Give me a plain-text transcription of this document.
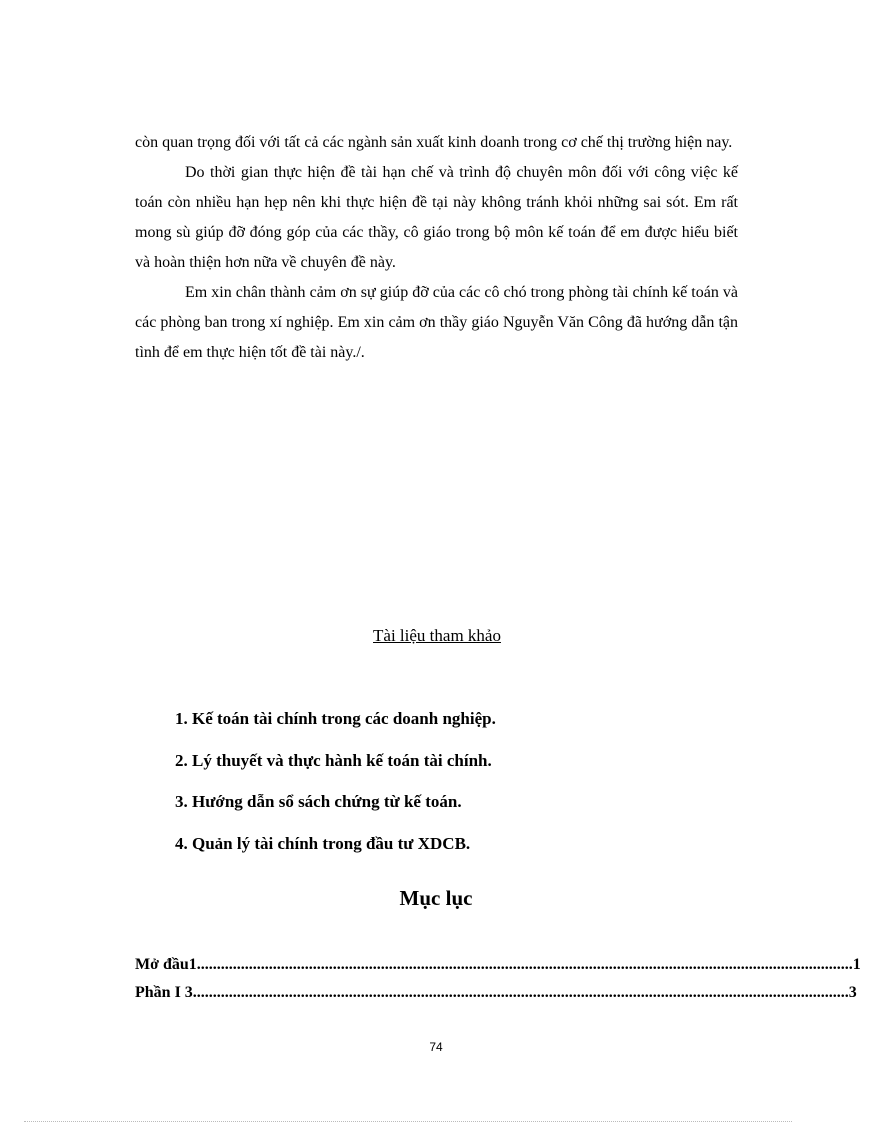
còn quan trọng đối với tất cả các ngành sản xuất kinh doanh trong cơ chế thị trường hiện nay.

Do thời gian thực hiện đề tài hạn chế và trình độ chuyên môn đối với công việc kế toán còn nhiều hạn hẹp nên khi thực hiện đề tại này không tránh khỏi những sai sót. Em rất mong sù giúp đỡ đóng góp của các thầy, cô giáo trong bộ môn kế toán để em được hiểu biết và hoàn thiện hơn nữa về chuyên đề này.

Em xin chân thành cảm ơn sự giúp đỡ của các cô chó trong phòng tài chính kế toán và các phòng ban trong xí nghiệp. Em xin cảm ơn thầy giáo Nguyễn Văn Công đã hướng dẫn tận tình để em thực hiện tốt đề tài này./.

Tài liệu tham khảo
1. Kế toán tài chính trong các doanh nghiệp.
2. Lý thuyết và thực hành kế toán tài chính.
3. Hướng dẫn sổ sách chứng từ kế toán.
4. Quản lý tài chính trong đầu tư XDCB.
Mục lục
Mở đầu1 .................................................................................................................................................................... 1
Phần I 3 .................................................................................................................................................................... 3
74
